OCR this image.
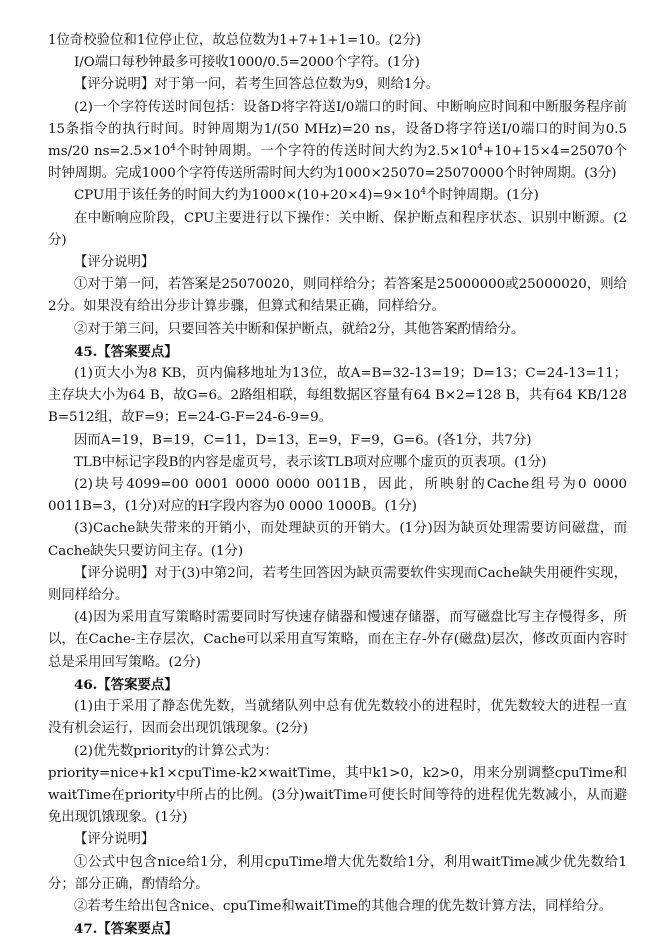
1位奇校验位和1位停止位，故总位数为1+7+1+1=10。(2分)

I/O端口每秒钟最多可接收1000/0.5=2000个字符。(1分)

【评分说明】对于第一问，若考生回答总位数为9，则给1分。

(2)一个字符传送时间包括：设备D将字符送I/0端口的时间、中断响应时间和中断服务程序前15条指令的执行时间。时钟周期为1/(50 MHz)=20 ns，设备D将字符送I/0端口的时间为0.5 ms/20 $ns=2.5\times 10^4$个时钟周期。一个字符的传送时间大约为$2.5\times 10^4+10+15\times 4=25070$个时钟周期。完成1000个字符传送所需时间大约为1000×25070=25070000个时钟周期。(3分)

CPU用于该任务的时间大约为$1000\times(10+20\times 4)=9\times 10^4$个时钟周期。(1分)

在中断响应阶段，CPU主要进行以下操作：关中断、保护断点和程序状态、识别中断源。(2分)

【评分说明】

①对于第一问，若答案是25070020，则同样给分；若答案是25000000或25000020，则给2分。如果没有给出分步计算步骤，但算式和结果正确，同样给分。

②对于第三问，只要回答关中断和保护断点，就给2分，其他答案酌情给分。

45.【答案要点】

(1)页大小为8 KB，页内偏移地址为13位，故A=B=32-13=19；D=13；C=24-13=11；主存块大小为64 B，故G=6。2路组相联，每组数据区容量有64 B×2=128 B，共有64 KB/128 B=512组，故F=9；E=24-G-F=24-6-9=9。

因而A=19，B=19，C=11，D=13，E=9，F=9，G=6。(各1分，共7分)

TLB中标记字段B的内容是虚页号，表示该TLB项对应哪个虚页的页表项。(1分)

(2)块号4099=00 0001 0000 0000 0011B，因此，所映射的Cache组号为0 0000 0011B=3，(1分)对应的H字段内容为0 0000 1000B。(1分)

(3)Cache缺失带来的开销小，而处理缺页的开销大。(1分)因为缺页处理需要访问磁盘，而Cache缺失只要访问主存。(1分)

【评分说明】对于(3)中第2问，若考生回答因为缺页需要软件实现而Cache缺失用硬件实现，则同样给分。

(4)因为采用直写策略时需要同时写快速存储器和慢速存储器，而写磁盘比写主存慢得多，所以，在Cache-主存层次，Cache可以采用直写策略，而在主存-外存(磁盘)层次，修改页面内容时总是采用回写策略。(2分)

46.【答案要点】

(1)由于采用了静态优先数，当就绪队列中总有优先数较小的进程时，优先数较大的进程一直没有机会运行，因而会出现饥饿现象。(2分)

(2)优先数priority的计算公式为：

priority=nice+k1×cpuTime-k2×waitTime，其中k1>0，k2>0，用来分别调整cpuTime和waitTime在priority中所占的比例。(3分)waitTime可使长时间等待的进程优先数减小，从而避免出现饥饿现象。(1分)

【评分说明】

①公式中包含nice给1分，利用cpuTime增大优先数给1分，利用waitTime减少优先数给1分；部分正确，酌情给分。

②若考生给出包含nice、cpuTime和waitTime的其他合理的优先数计算方法，同样给分。

47.【答案要点】
